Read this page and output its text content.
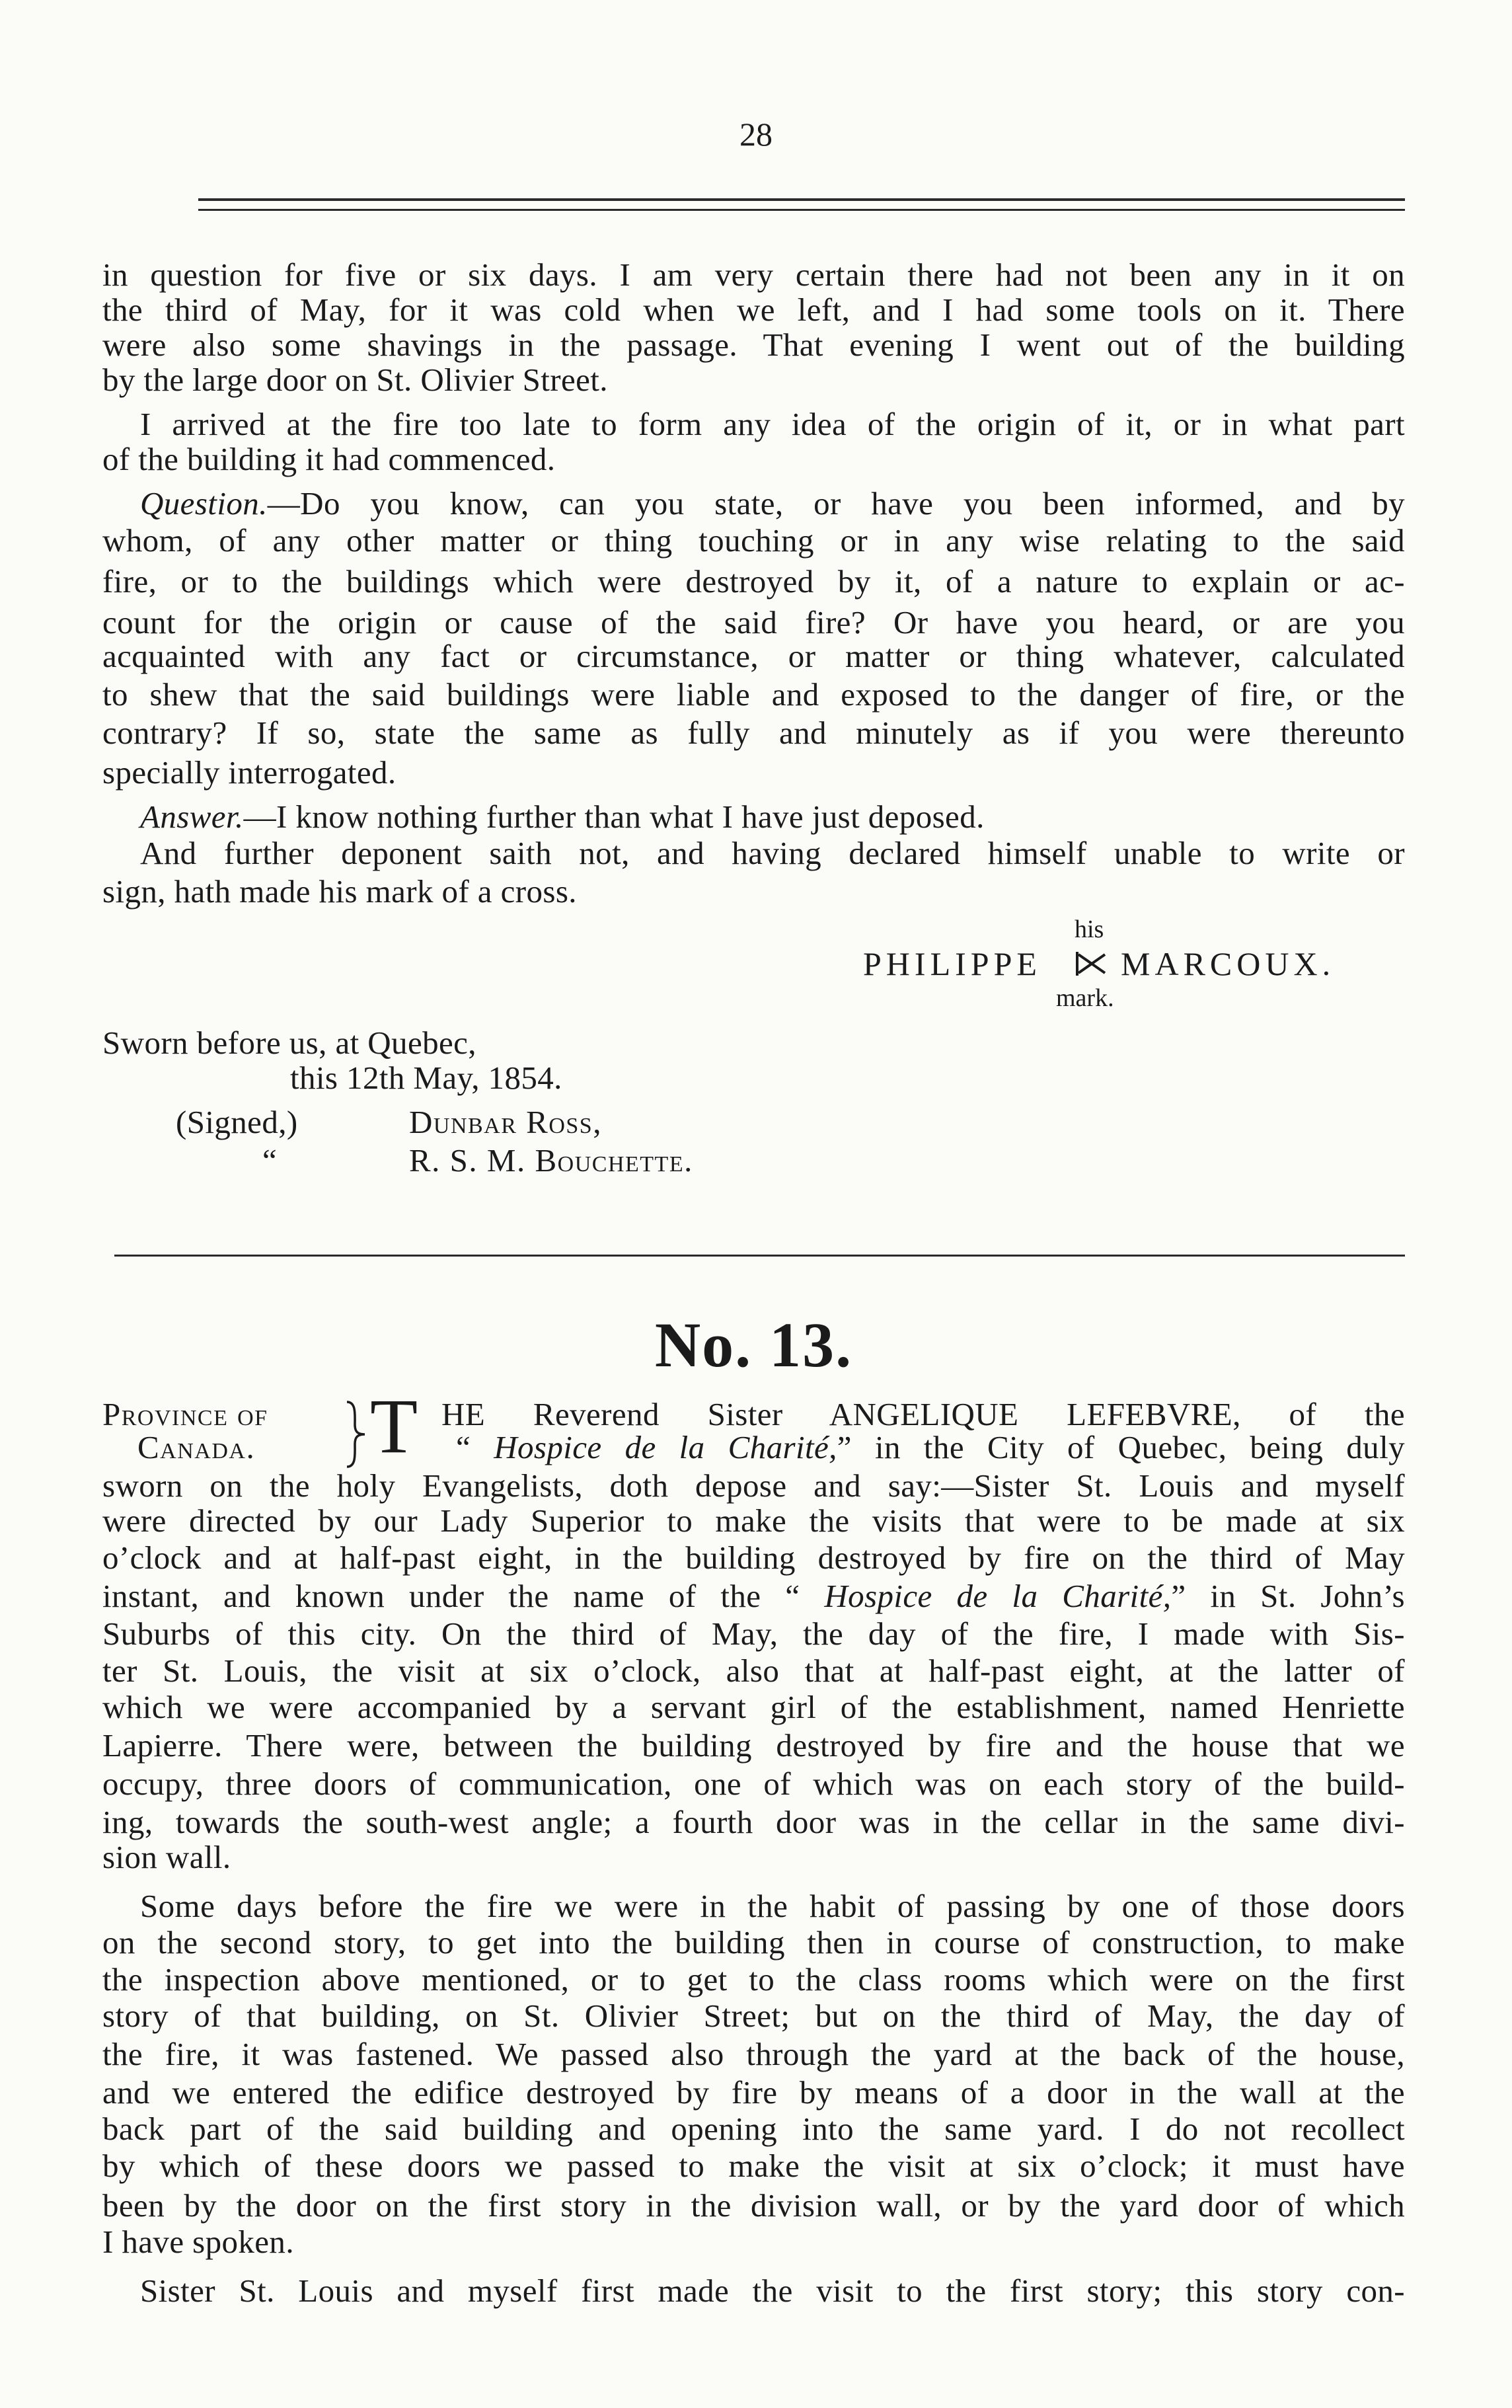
28
in question for five or six days. I am very certain there had not been any in it on
the third of May, for it was cold when we left, and I had some tools on it. There
were also some shavings in the passage. That evening I went out of the building
by the large door on St. Olivier Street.
I arrived at the fire too late to form any idea of the origin of it, or in what part
of the building it had commenced.
Question.—Do you know, can you state, or have you been informed, and by
whom, of any other matter or thing touching or in any wise relating to the said
fire, or to the buildings which were destroyed by it, of a nature to explain or ac-
count for the origin or cause of the said fire? Or have you heard, or are you
acquainted with any fact or circumstance, or matter or thing whatever, calculated
to shew that the said buildings were liable and exposed to the danger of fire, or the
contrary? If so, state the same as fully and minutely as if you were thereunto
specially interrogated.
Answer.—I know nothing further than what I have just deposed.
And further deponent saith not, and having declared himself unable to write or
sign, hath made his mark of a cross.
his
PHILIPPE MARCOUX.
mark.
Sworn before us, at Quebec,
this 12th May, 1854.
(Signed,)	Dunbar Ross,
“	R. S. M. Bouchette.
No. 13.
Province of
Canada. T HE Reverend Sister ANGELIQUE LEFEBVRE, of the
“ Hospice de la Charité,” in the City of Quebec, being duly
sworn on the holy Evangelists, doth depose and say:—Sister St. Louis and myself
were directed by our Lady Superior to make the visits that were to be made at six
o’clock and at half-past eight, in the building destroyed by fire on the third of May
instant, and known under the name of the “ Hospice de la Charité,” in St. John’s
Suburbs of this city. On the third of May, the day of the fire, I made with Sis-
ter St. Louis, the visit at six o’clock, also that at half-past eight, at the latter of
which we were accompanied by a servant girl of the establishment, named Henriette
Lapierre. There were, between the building destroyed by fire and the house that we
occupy, three doors of communication, one of which was on each story of the build-
ing, towards the south-west angle; a fourth door was in the cellar in the same divi-
sion wall.
Some days before the fire we were in the habit of passing by one of those doors
on the second story, to get into the building then in course of construction, to make
the inspection above mentioned, or to get to the class rooms which were on the first
story of that building, on St. Olivier Street; but on the third of May, the day of
the fire, it was fastened. We passed also through the yard at the back of the house,
and we entered the edifice destroyed by fire by means of a door in the wall at the
back part of the said building and opening into the same yard. I do not recollect
by which of these doors we passed to make the visit at six o’clock; it must have
been by the door on the first story in the division wall, or by the yard door of which
I have spoken.
Sister St. Louis and myself first made the visit to the first story; this story con-
